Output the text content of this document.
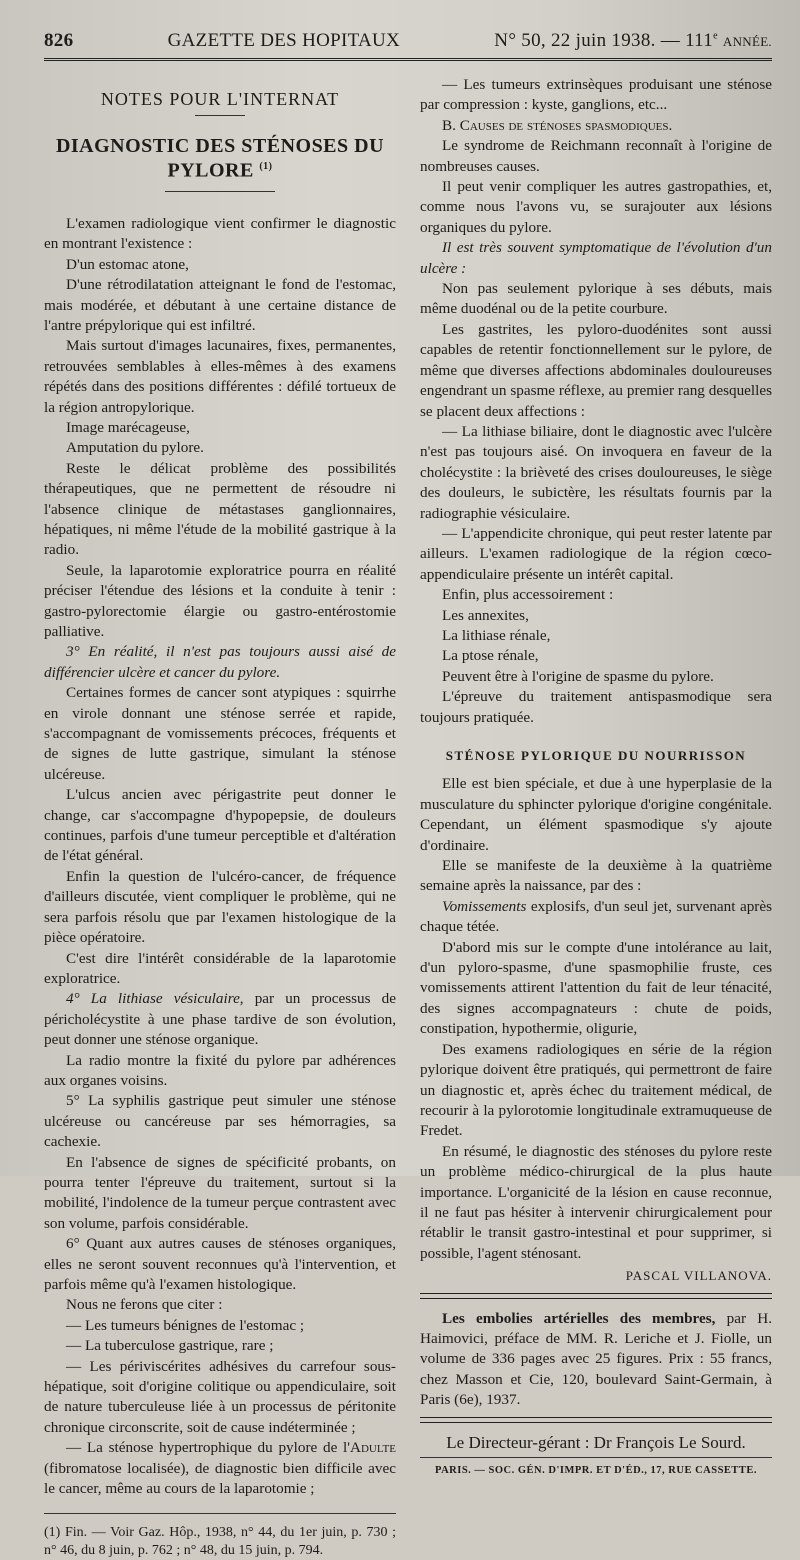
826	GAZETTE DES HOPITAUX	N° 50, 22 juin 1938. — 111e ANNÉE.
NOTES POUR L'INTERNAT
DIAGNOSTIC DES STÉNOSES DU PYLORE $^{(1)}$

L'examen radiologique vient confirmer le diagnostic en montrant l'existence :

D'un estomac atone,

D'une rétrodilatation atteignant le fond de l'estomac, mais modérée, et débutant à une certaine distance de l'antre prépylorique qui est infiltré.

Mais surtout d'images lacunaires, fixes, permanentes, retrouvées semblables à elles-mêmes à des examens répétés dans des positions différentes : défilé tortueux de la région antropylorique.

Image marécageuse,

Amputation du pylore.

Reste le délicat problème des possibilités thérapeutiques, que ne permettent de résoudre ni l'absence clinique de métastases ganglionnaires, hépatiques, ni même l'étude de la mobilité gastrique à la radio.

Seule, la laparotomie exploratrice pourra en réalité préciser l'étendue des lésions et la conduite à tenir : gastro-pylorectomie élargie ou gastro-entérostomie palliative.

3° En réalité, il n'est pas toujours aussi aisé de différencier ulcère et cancer du pylore.

Certaines formes de cancer sont atypiques : squirrhe en virole donnant une sténose serrée et rapide, s'accompagnant de vomissements précoces, fréquents et de signes de lutte gastrique, simulant la sténose ulcéreuse.

L'ulcus ancien avec périgastrite peut donner le change, car s'accompagne d'hypopepsie, de douleurs continues, parfois d'une tumeur perceptible et d'altération de l'état général.

Enfin la question de l'ulcéro-cancer, de fréquence d'ailleurs discutée, vient compliquer le problème, qui ne sera parfois résolu que par l'examen histologique de la pièce opératoire.

C'est dire l'intérêt considérable de la laparotomie exploratrice.

4° La lithiase vésiculaire, par un processus de péricholécystite à une phase tardive de son évolution, peut donner une sténose organique.

La radio montre la fixité du pylore par adhérences aux organes voisins.

5° La syphilis gastrique peut simuler une sténose ulcéreuse ou cancéreuse par ses hémorragies, sa cachexie.

En l'absence de signes de spécificité probants, on pourra tenter l'épreuve du traitement, surtout si la mobilité, l'indolence de la tumeur perçue contrastent avec son volume, parfois considérable.

6° Quant aux autres causes de sténoses organiques, elles ne seront souvent reconnues qu'à l'intervention, et parfois même qu'à l'examen histologique.

Nous ne ferons que citer :

— Les tumeurs bénignes de l'estomac ;

— La tuberculose gastrique, rare ;

— Les périviscérites adhésives du carrefour sous-hépatique, soit d'origine colitique ou appendiculaire, soit de nature tuberculeuse liée à un processus de péritonite chronique circonscrite, soit de cause indéterminée ;

— La sténose hypertrophique du pylore de l'Adulte (fibromatose localisée), de diagnostic bien difficile avec le cancer, même au cours de la laparotomie ;

(1) Fin. — Voir Gaz. Hôp., 1938, n° 44, du 1er juin, p. 730 ; n° 46, du 8 juin, p. 762 ; n° 48, du 15 juin, p. 794.

— Les tumeurs extrinsèques produisant une sténose par compression : kyste, ganglions, etc...

B. Causes de sténoses spasmodiques.

Le syndrome de Reichmann reconnaît à l'origine de nombreuses causes.

Il peut venir compliquer les autres gastropathies, et, comme nous l'avons vu, se surajouter aux lésions organiques du pylore.

Il est très souvent symptomatique de l'évolution d'un ulcère :

Non pas seulement pylorique à ses débuts, mais même duodénal ou de la petite courbure.

Les gastrites, les pyloro-duodénites sont aussi capables de retentir fonctionnellement sur le pylore, de même que diverses affections abdominales douloureuses engendrant un spasme réflexe, au premier rang desquelles se placent deux affections :

— La lithiase biliaire, dont le diagnostic avec l'ulcère n'est pas toujours aisé. On invoquera en faveur de la cholécystite : la brièveté des crises douloureuses, le siège des douleurs, le subictère, les résultats fournis par la radiographie vésiculaire.

— L'appendicite chronique, qui peut rester latente par ailleurs. L'examen radiologique de la région cœco-appendiculaire présente un intérêt capital.

Enfin, plus accessoirement :

Les annexites,

La lithiase rénale,

La ptose rénale,

Peuvent être à l'origine de spasme du pylore.

L'épreuve du traitement antispasmodique sera toujours pratiquée.

STÉNOSE PYLORIQUE DU NOURRISSON

Elle est bien spéciale, et due à une hyperplasie de la musculature du sphincter pylorique d'origine congénitale. Cependant, un élément spasmodique s'y ajoute d'ordinaire.

Elle se manifeste de la deuxième à la quatrième semaine après la naissance, par des :

Vomissements explosifs, d'un seul jet, survenant après chaque tétée.

D'abord mis sur le compte d'une intolérance au lait, d'un pyloro-spasme, d'une spasmophilie fruste, ces vomissements attirent l'attention du fait de leur ténacité, des signes accompagnateurs : chute de poids, constipation, hypothermie, oligurie,

Des examens radiologiques en série de la région pylorique doivent être pratiqués, qui permettront de faire un diagnostic et, après échec du traitement médical, de recourir à la pylorotomie longitudinale extramuqueuse de Fredet.

En résumé, le diagnostic des sténoses du pylore reste un problème médico-chirurgical de la plus haute importance. L'organicité de la lésion en cause reconnue, il ne faut pas hésiter à intervenir chirurgicalement pour rétablir le transit gastro-intestinal et pour supprimer, si possible, l'agent sténosant.

PASCAL VILLANOVA.

Les embolies artérielles des membres, par H. Haimovici, préface de MM. R. Leriche et J. Fiolle, un volume de 336 pages avec 25 figures. Prix : 55 francs, chez Masson et Cie, 120, boulevard Saint-Germain, à Paris (6e), 1937.

Le Directeur-gérant : Dr François Le Sourd.
PARIS. — SOC. GÉN. D'IMPR. ET D'ÉD., 17, RUE CASSETTE.
